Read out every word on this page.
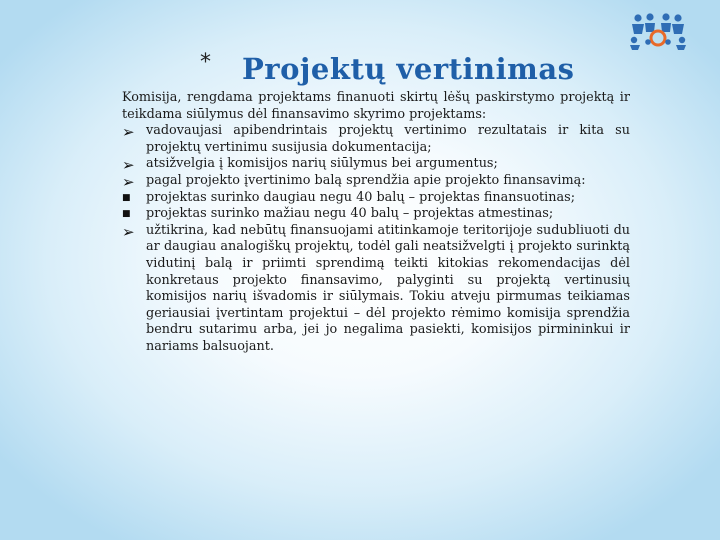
* Projektų vertinimas

Komisija, rengdama projektams finanuoti skirtų lėšų paskirstymo projektą ir teikdama siūlymus dėl finansavimo skyrimo projektams:

➢ vadovaujasi apibendrintais projektų vertinimo rezultatais ir kita su projektų vertinimu susijusia dokumentacija;
➢ atsižvelgia į komisijos narių siūlymus bei argumentus;
➢ pagal projekto įvertinimo balą sprendžia apie projekto finansavimą:
■	projektas surinko daugiau negu 40 balų – projektas finansuotinas;
■	projektas surinko mažiau negu 40 balų – projektas atmestinas;
➢ užtikrina, kad nebūtų finansuojami atitinkamoje teritorijoje sudubliuoti du ar daugiau analogiškų projektų, todėl gali neatsižvelgti į projekto surinktą vidutinį balą ir priimti sprendimą teikti kitokias rekomendacijas dėl konkretaus projekto finansavimo, palyginti su projektą vertinusių komisijos narių išvadomis ir siūlymais. Tokiu atveju pirmumas teikiamas geriausiai įvertintam projektui – dėl projekto rėmimo komisija sprendžia bendru sutarimu arba, jei jo negalima pasiekti, komisijos pirmininkui ir nariams balsuojant.
